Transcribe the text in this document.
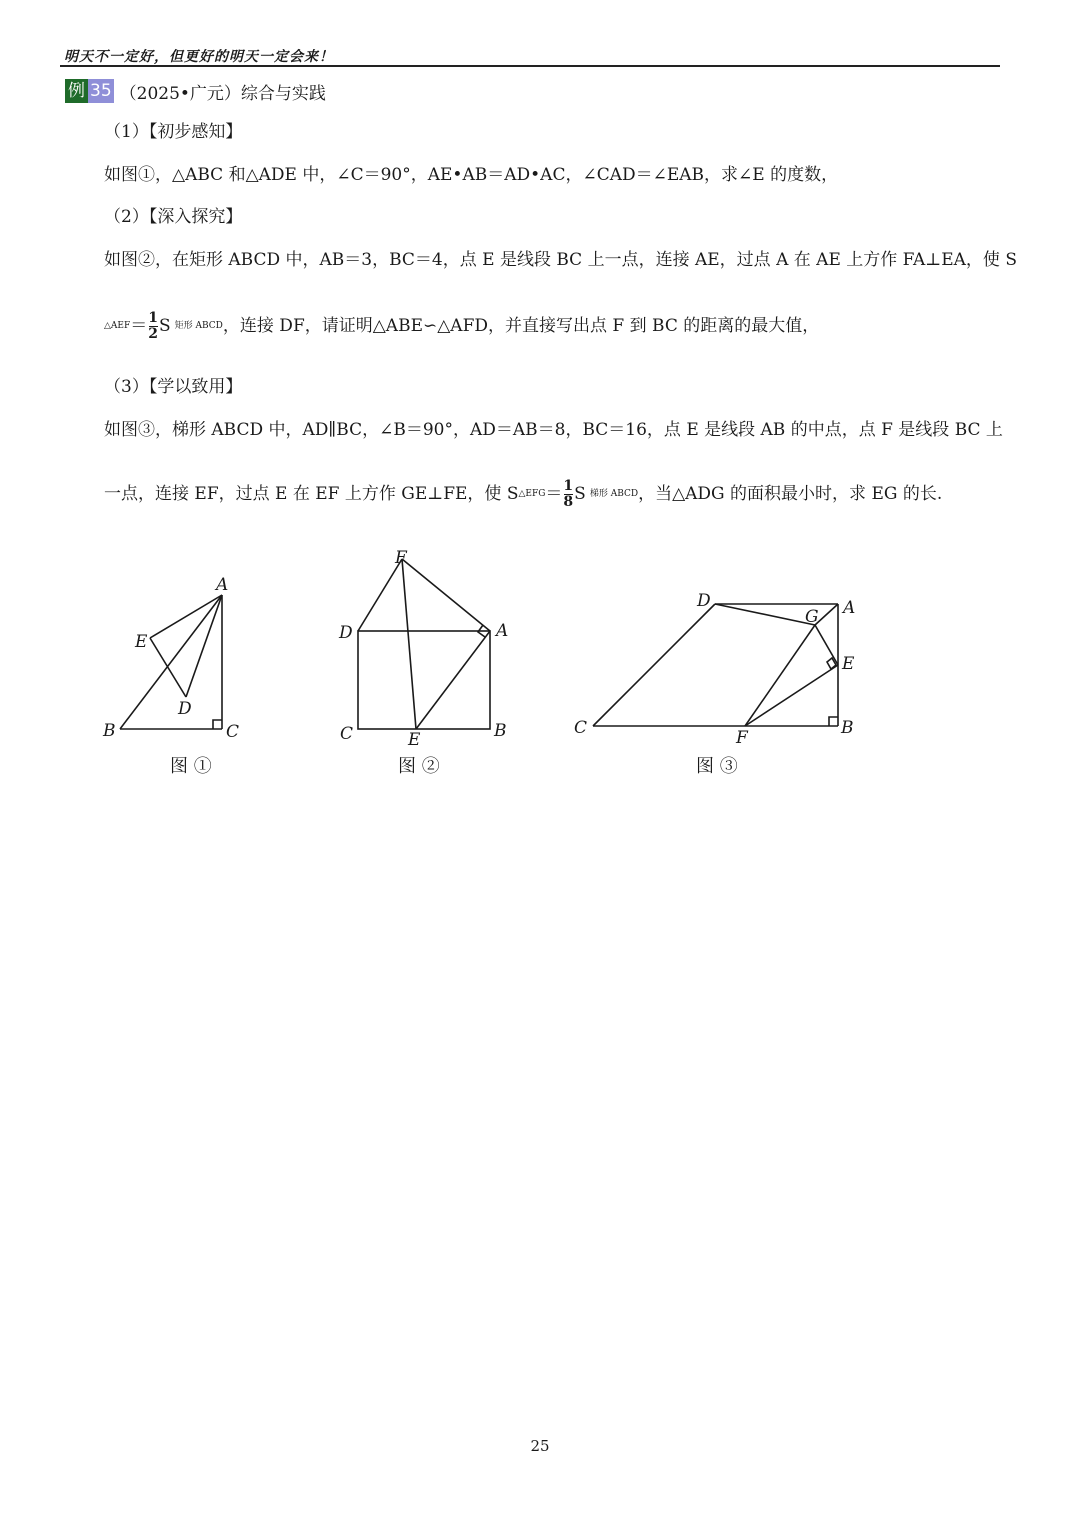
明天不一定好，但更好的明天一定会来！
例 35 （2025•广元）综合与实践
（1）【初步感知】
如图①，△ABC 和△ADE 中，∠C＝90°，AE•AB＝AD•AC，∠CAD＝∠EAB，求∠E 的度数，
（2）【深入探究】
如图②，在矩形 ABCD 中，AB＝3，BC＝4，点 E 是线段 BC 上一点，连接 AE，过点 A 在 AE 上方作 FA⊥EA，使 S
△AEF ＝ $\frac{1}{2}$ S 矩形 ABCD ，连接 DF，请证明△ABE∽△AFD，并直接写出点 F 到 BC 的距离的最大值，
（3）【学以致用】
如图③，梯形 ABCD 中，AD∥BC，∠B＝90°，AD＝AB＝8，BC＝16，点 E 是线段 AB 的中点，点 F 是线段 BC 上
一点，连接 EF，过点 E 在 EF 上方作 GE⊥FE，使 S △EFG ＝ $\frac{1}{8}$ S 梯形 ABCD ，当△ADG 的面积最小时，求 EG 的长.
A
B	C
D
E
A
B
C
D
E
F
A
B
C
D
E
F
G
图 ①	图 ②	图 ③
25
